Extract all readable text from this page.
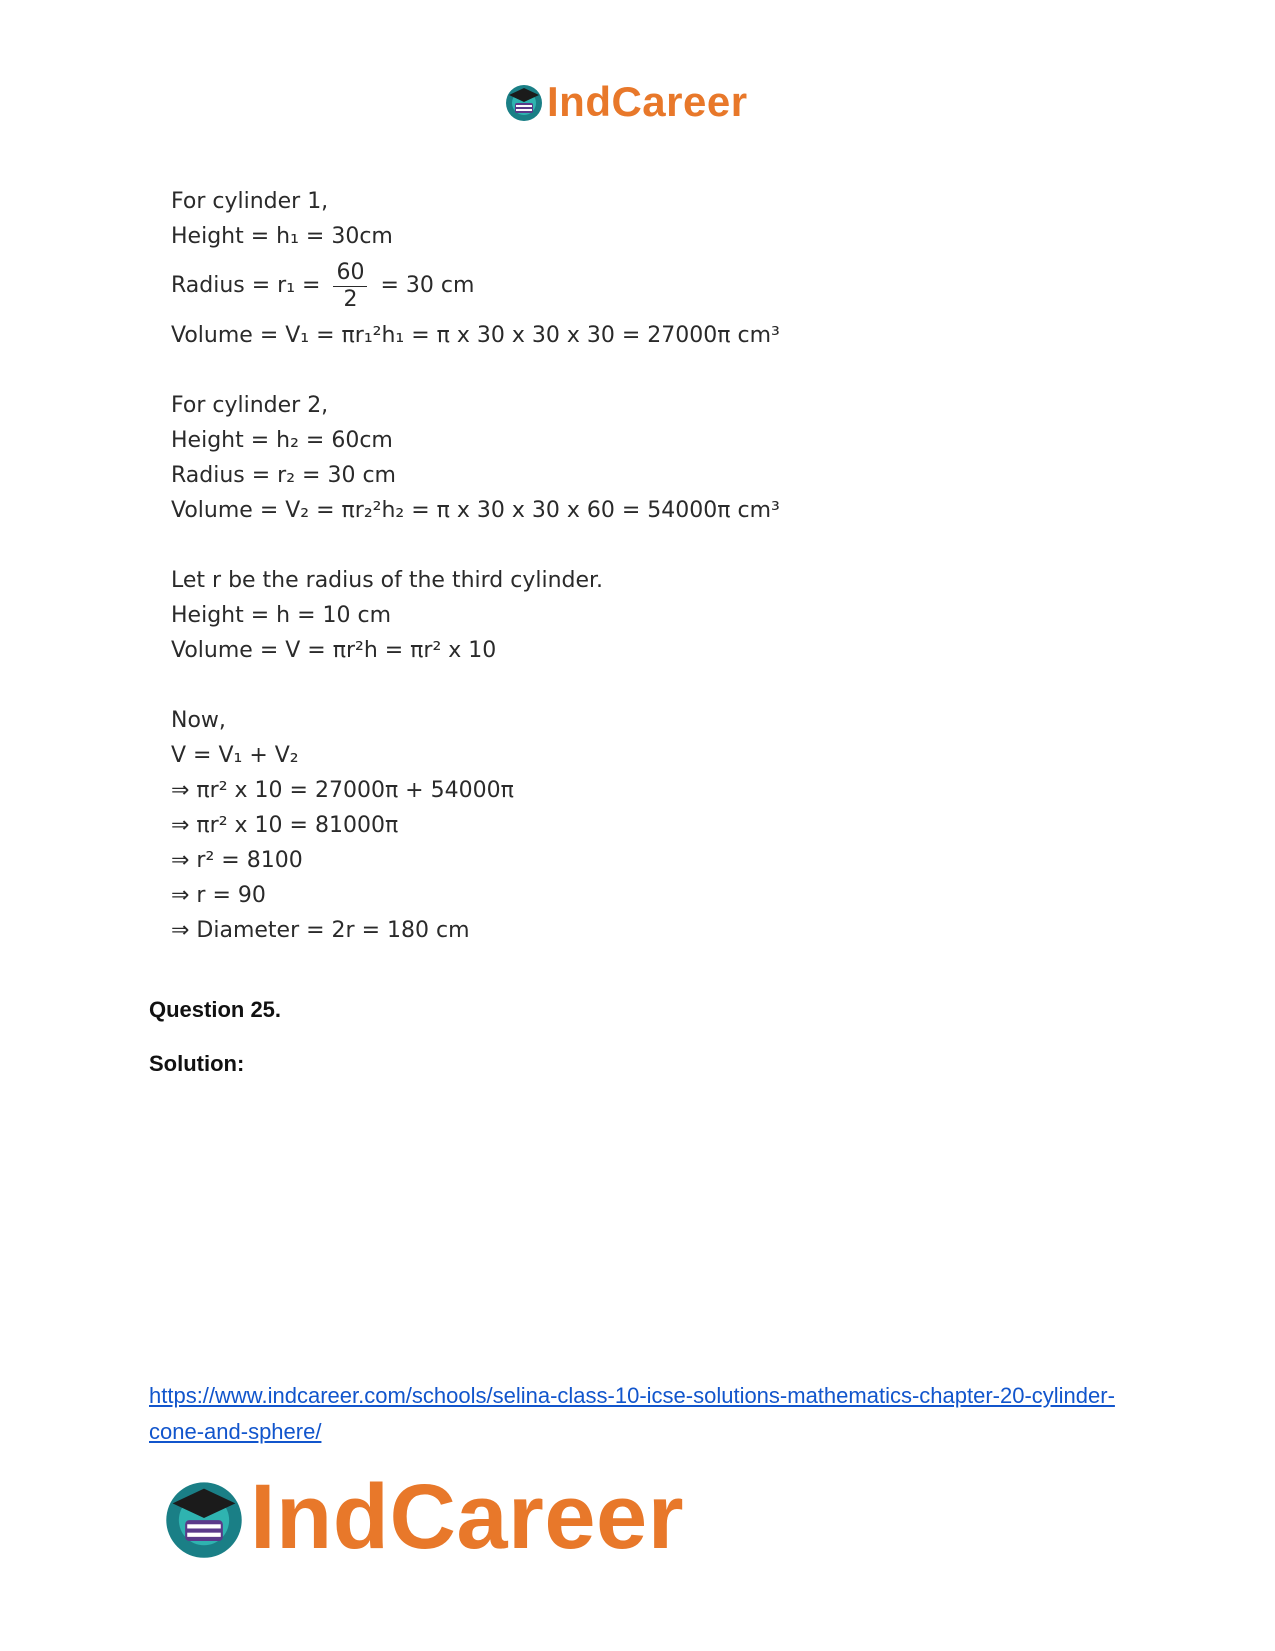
IndCareer
For cylinder 1,
Height = h₁ = 30cm
Radius = $r_1 = \frac{60}{2} = 30$ cm
Volume = V₁ = πr₁²h₁ = π x 30 x 30 x 30 = 27000π cm³
For cylinder 2,
Height = h₂ = 60cm
Radius = r₂ = 30 cm
Volume = V₂ = πr₂²h₂ = π x 30 x 30 x 60 = 54000π cm³
Let r be the radius of the third cylinder.
Height = h = 10 cm
Volume = V = πr²h = πr² x 10
Now,
V = V₁ + V₂
⇒ πr² x 10 = 27000π + 54000π
⇒ πr² x 10 = 81000π
⇒ r² = 8100
⇒ r = 90
⇒ Diameter = 2r = 180 cm
Question 25.
Solution:
https://www.indcareer.com/schools/selina-class-10-icse-solutions-mathematics-chapter-20-cylinder-cone-and-sphere/
IndCareer
